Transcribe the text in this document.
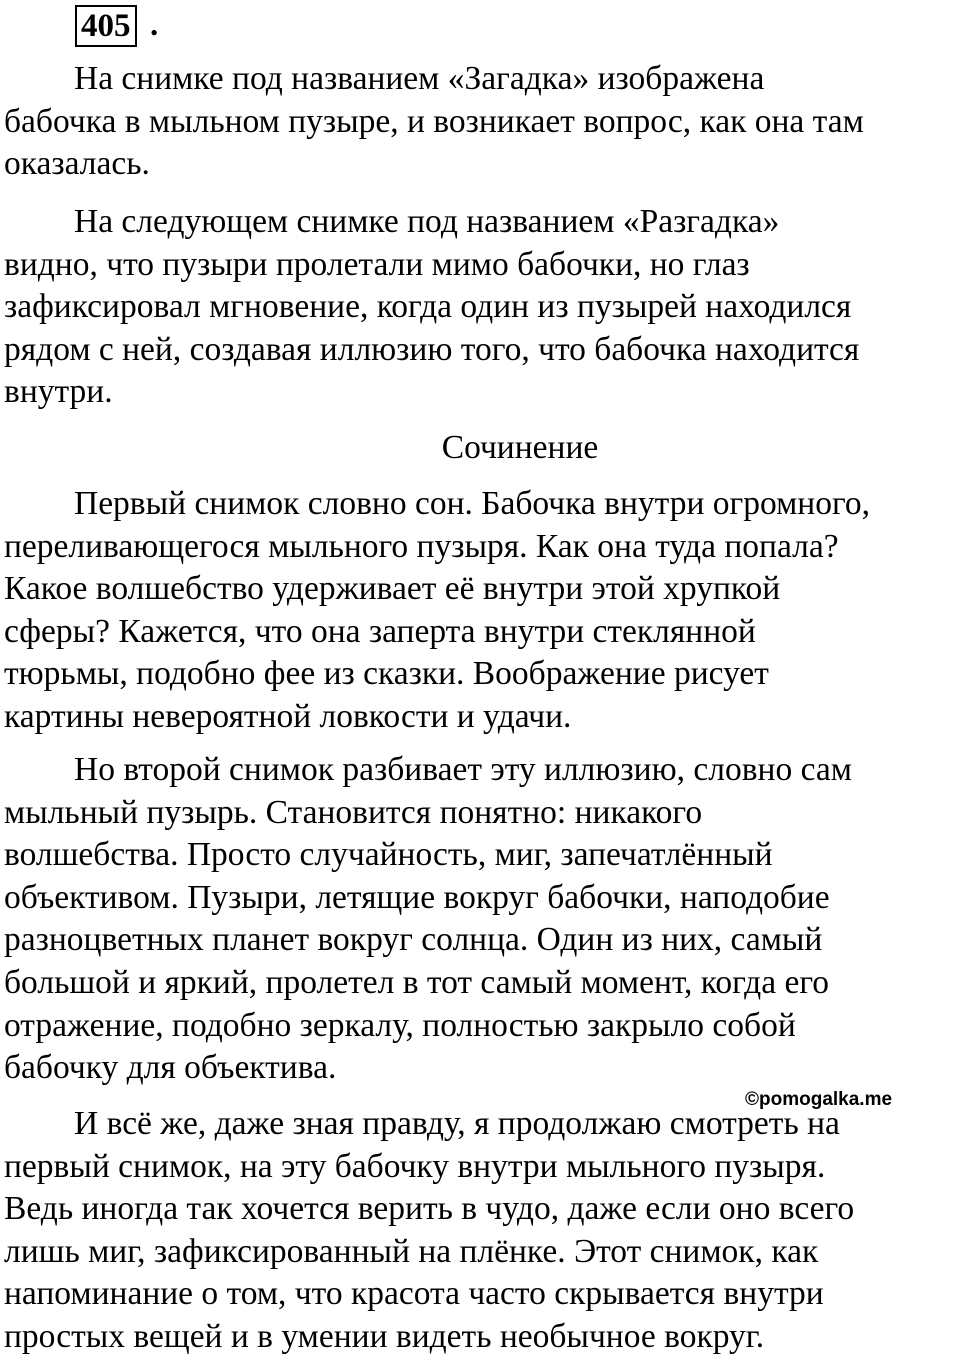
405 .
На снимке под названием «Загадка» изображена
бабочка в мыльном пузыре, и возникает вопрос, как она там
оказалась.
На следующем снимке под названием «Разгадка»
видно, что пузыри пролетали мимо бабочки, но глаз
зафиксировал мгновение, когда один из пузырей находился
рядом с ней, создавая иллюзию того, что бабочка находится
внутри.
Сочинение
Первый снимок словно сон. Бабочка внутри огромного,
переливающегося мыльного пузыря. Как она туда попала?
Какое волшебство удерживает её внутри этой хрупкой
сферы? Кажется, что она заперта внутри стеклянной
тюрьмы, подобно фее из сказки. Воображение рисует
картины невероятной ловкости и удачи.
Но второй снимок разбивает эту иллюзию, словно сам
мыльный пузырь. Становится понятно: никакого
волшебства. Просто случайность, миг, запечатлённый
объективом. Пузыри, летящие вокруг бабочки, наподобие
разноцветных планет вокруг солнца. Один из них, самый
большой и яркий, пролетел в тот самый момент, когда его
отражение, подобно зеркалу, полностью закрыло собой
бабочку для объектива.
©pomogalka.me
И всё же, даже зная правду, я продолжаю смотреть на
первый снимок, на эту бабочку внутри мыльного пузыря.
Ведь иногда так хочется верить в чудо, даже если оно всего
лишь миг, зафиксированный на плёнке. Этот снимок, как
напоминание о том, что красота часто скрывается внутри
простых вещей и в умении видеть необычное вокруг.
